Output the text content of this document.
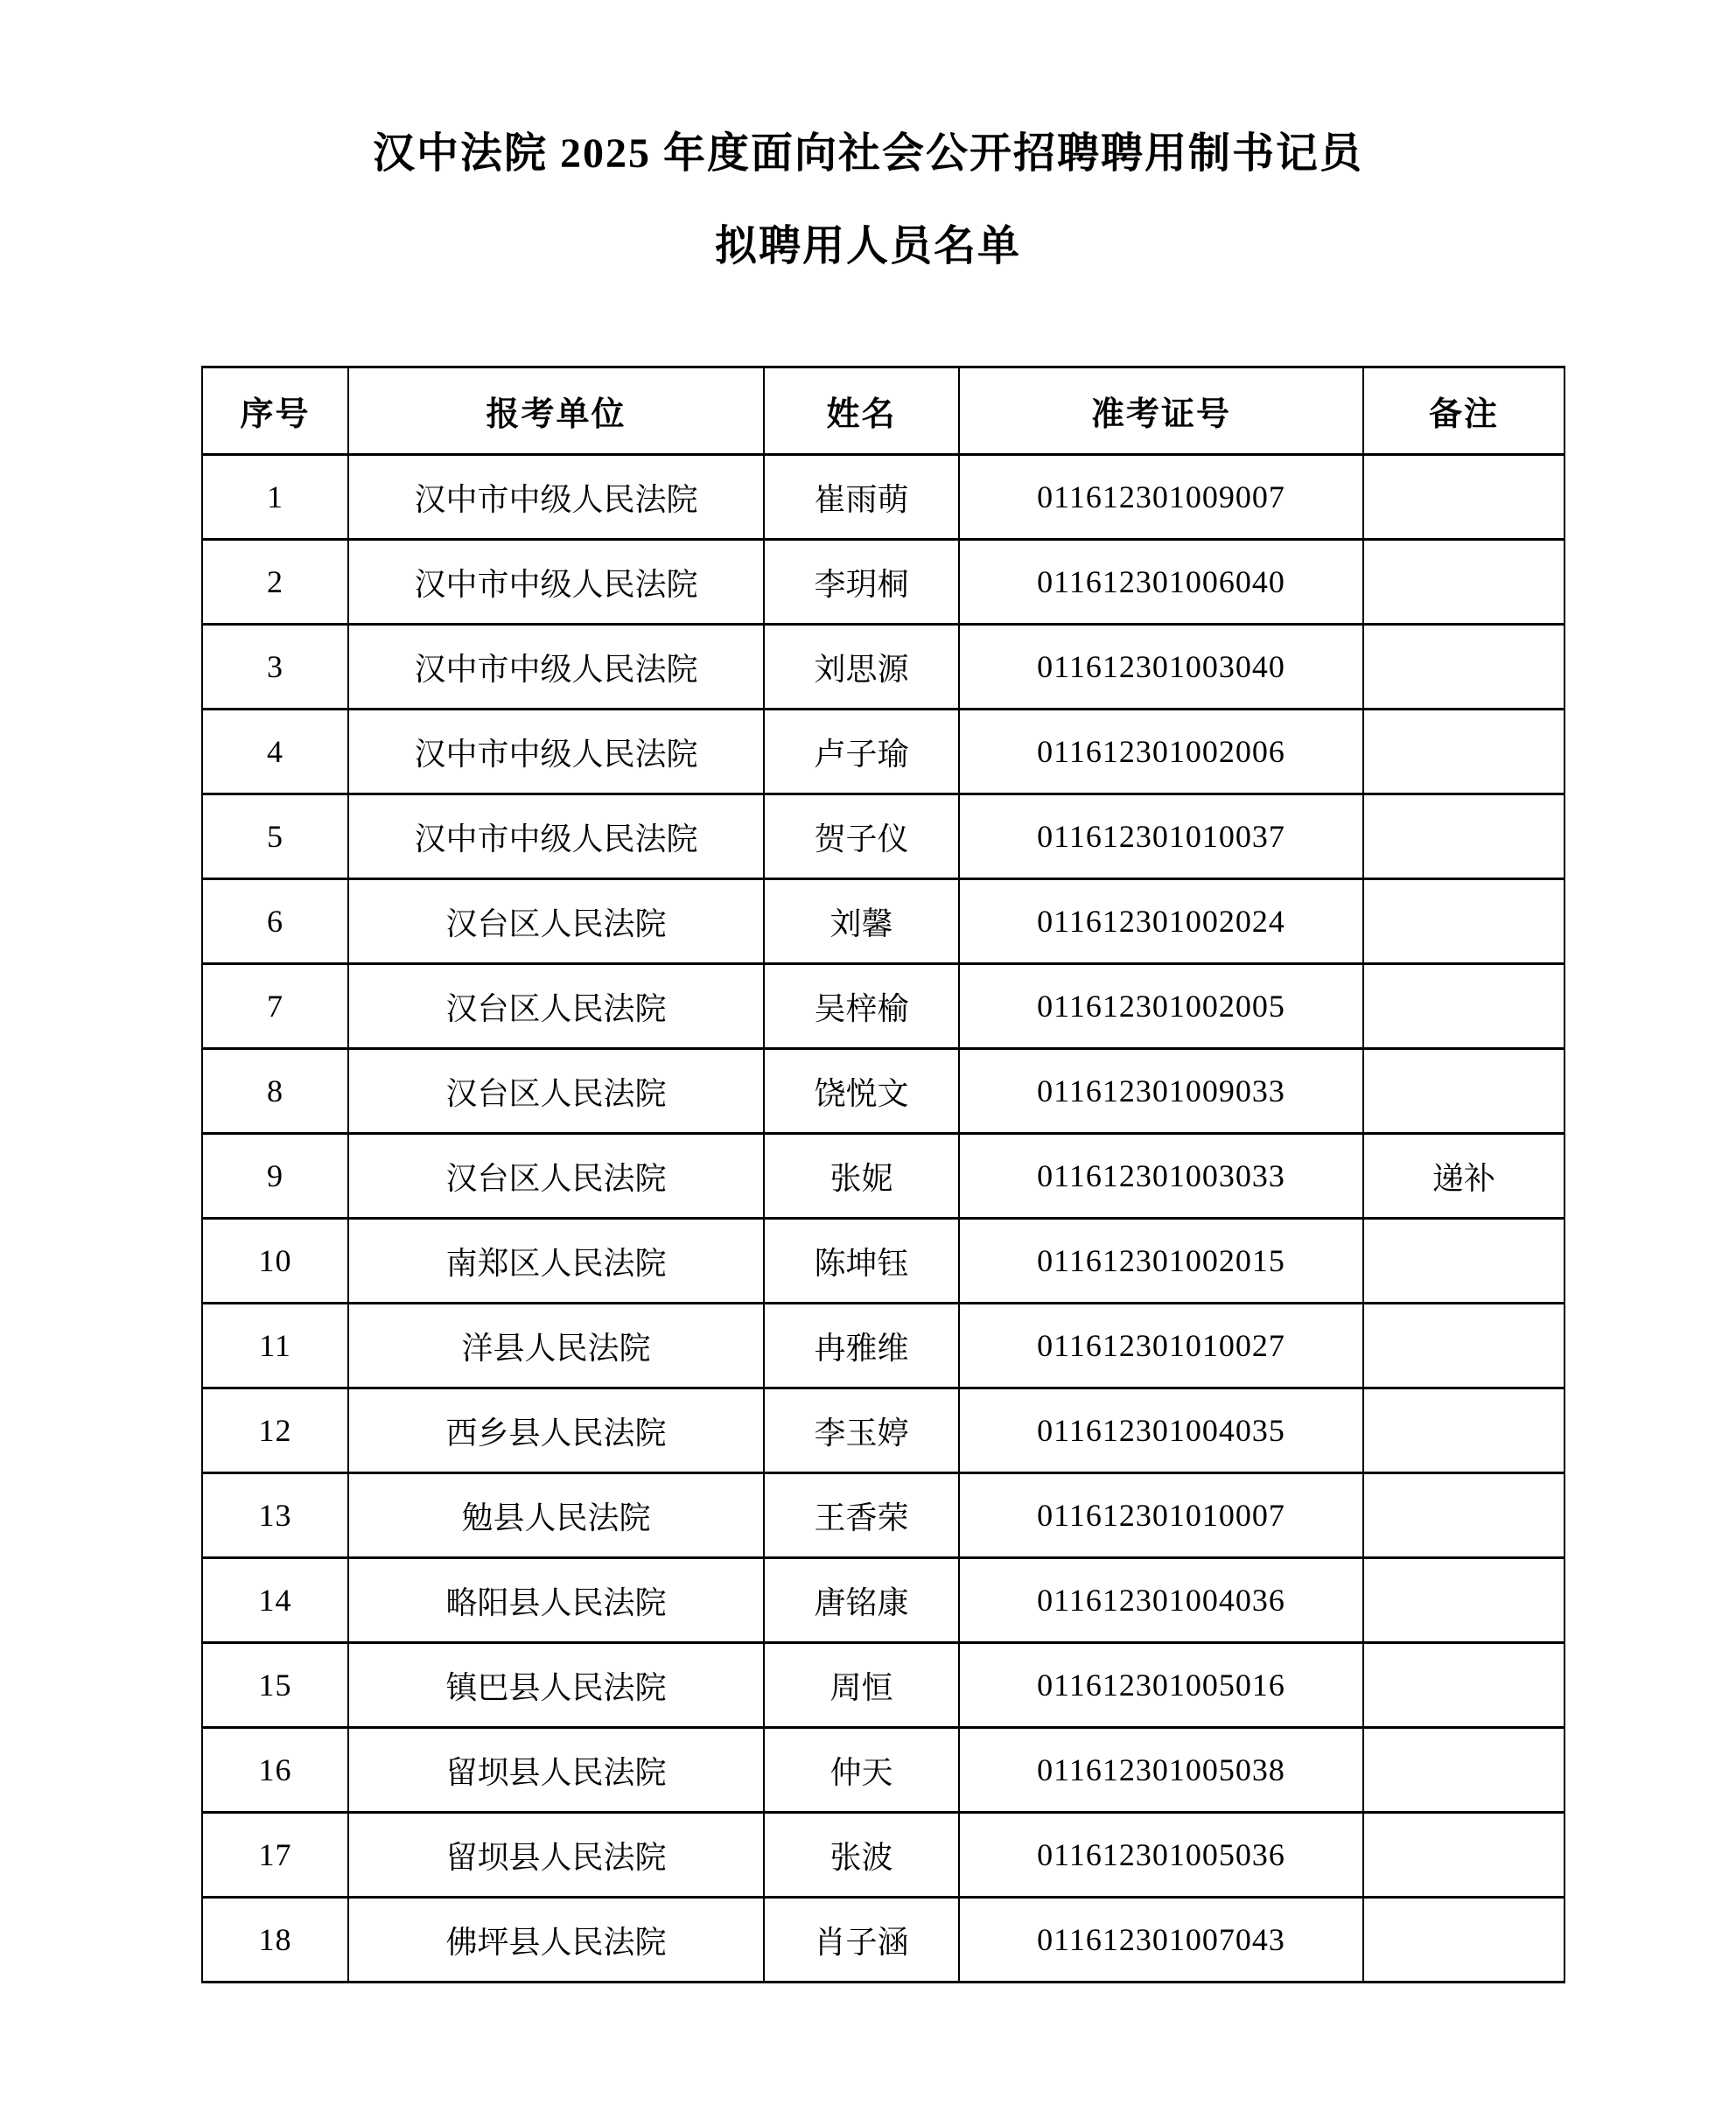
汉中法院 2025 年度面向社会公开招聘聘用制书记员
拟聘用人员名单
序号	报考单位	姓名	准考证号	备注
1	汉中市中级人民法院	崔雨萌	011612301009007	
2	汉中市中级人民法院	李玥桐	011612301006040	
3	汉中市中级人民法院	刘思源	011612301003040	
4	汉中市中级人民法院	卢子瑜	011612301002006	
5	汉中市中级人民法院	贺子仪	011612301010037	
6	汉台区人民法院	刘馨	011612301002024	
7	汉台区人民法院	吴梓榆	011612301002005	
8	汉台区人民法院	饶悦文	011612301009033	
9	汉台区人民法院	张妮	011612301003033	递补
10	南郑区人民法院	陈坤钰	011612301002015	
11	洋县人民法院	冉雅维	011612301010027	
12	西乡县人民法院	李玉婷	011612301004035	
13	勉县人民法院	王香荣	011612301010007	
14	略阳县人民法院	唐铭康	011612301004036	
15	镇巴县人民法院	周恒	011612301005016	
16	留坝县人民法院	仲天	011612301005038	
17	留坝县人民法院	张波	011612301005036	
18	佛坪县人民法院	肖子涵	011612301007043	
